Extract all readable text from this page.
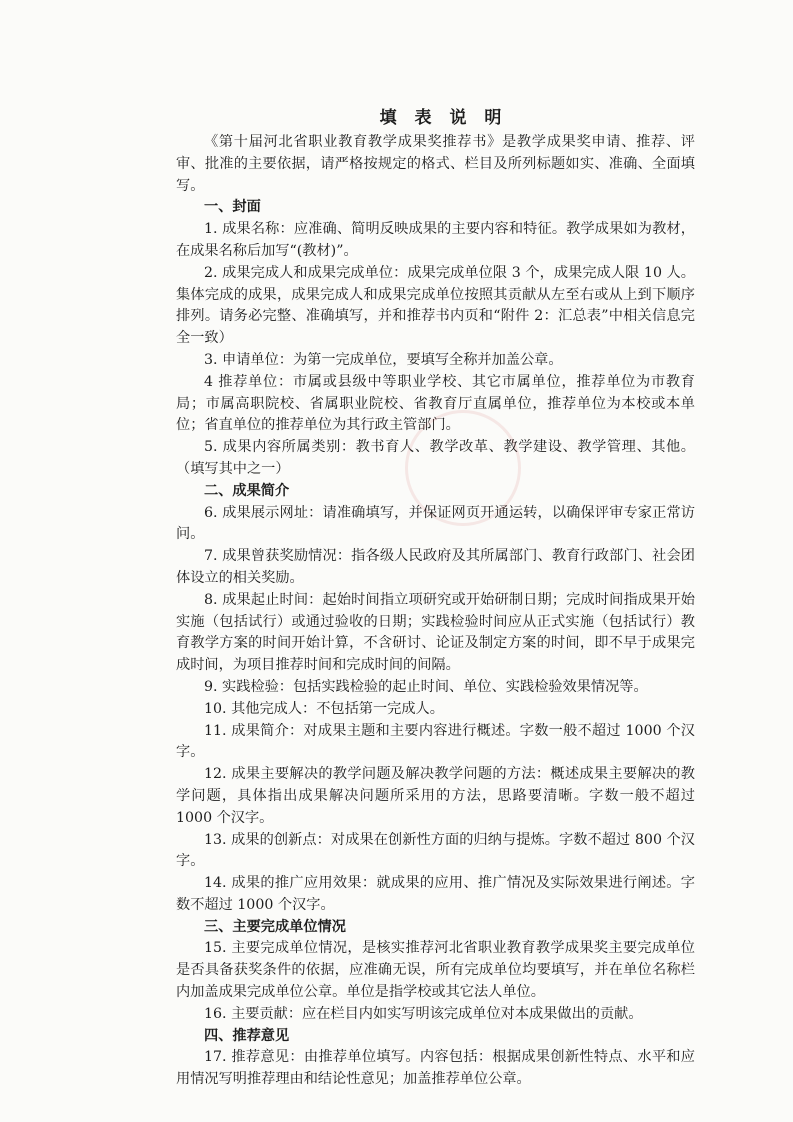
填 表 说 明

《第十届河北省职业教育教学成果奖推荐书》是教学成果奖申请、推荐、评审、批准的主要依据，请严格按规定的格式、栏目及所列标题如实、准确、全面填写。

一、封面

1. 成果名称：应准确、简明反映成果的主要内容和特征。教学成果如为教材，在成果名称后加写“(教材)”。

2. 成果完成人和成果完成单位：成果完成单位限 3 个，成果完成人限 10 人。集体完成的成果，成果完成人和成果完成单位按照其贡献从左至右或从上到下顺序排列。请务必完整、准确填写，并和推荐书内页和“附件 2：汇总表”中相关信息完全一致）

3. 申请单位：为第一完成单位，要填写全称并加盖公章。

4 推荐单位：市属或县级中等职业学校、其它市属单位，推荐单位为市教育局；市属高职院校、省属职业院校、省教育厅直属单位，推荐单位为本校或本单位；省直单位的推荐单位为其行政主管部门。

5. 成果内容所属类别：教书育人、教学改革、教学建设、教学管理、其他。（填写其中之一）

二、成果简介

6. 成果展示网址：请准确填写，并保证网页开通运转，以确保评审专家正常访问。

7. 成果曾获奖励情况：指各级人民政府及其所属部门、教育行政部门、社会团体设立的相关奖励。

8. 成果起止时间：起始时间指立项研究或开始研制日期；完成时间指成果开始实施（包括试行）或通过验收的日期；实践检验时间应从正式实施（包括试行）教育教学方案的时间开始计算，不含研讨、论证及制定方案的时间，即不早于成果完成时间，为项目推荐时间和完成时间的间隔。

9. 实践检验：包括实践检验的起止时间、单位、实践检验效果情况等。

10. 其他完成人：不包括第一完成人。

11. 成果简介：对成果主题和主要内容进行概述。字数一般不超过 1000 个汉字。

12. 成果主要解决的教学问题及解决教学问题的方法：概述成果主要解决的教学问题，具体指出成果解决问题所采用的方法，思路要清晰。字数一般不超过 1000 个汉字。

13. 成果的创新点：对成果在创新性方面的归纳与提炼。字数不超过 800 个汉字。

14. 成果的推广应用效果：就成果的应用、推广情况及实际效果进行阐述。字数不超过 1000 个汉字。

三、主要完成单位情况

15. 主要完成单位情况，是核实推荐河北省职业教育教学成果奖主要完成单位是否具备获奖条件的依据，应准确无误，所有完成单位均要填写，并在单位名称栏内加盖成果完成单位公章。单位是指学校或其它法人单位。

16. 主要贡献：应在栏目内如实写明该完成单位对本成果做出的贡献。

四、推荐意见

17. 推荐意见：由推荐单位填写。内容包括：根据成果创新性特点、水平和应用情况写明推荐理由和结论性意见；加盖推荐单位公章。
